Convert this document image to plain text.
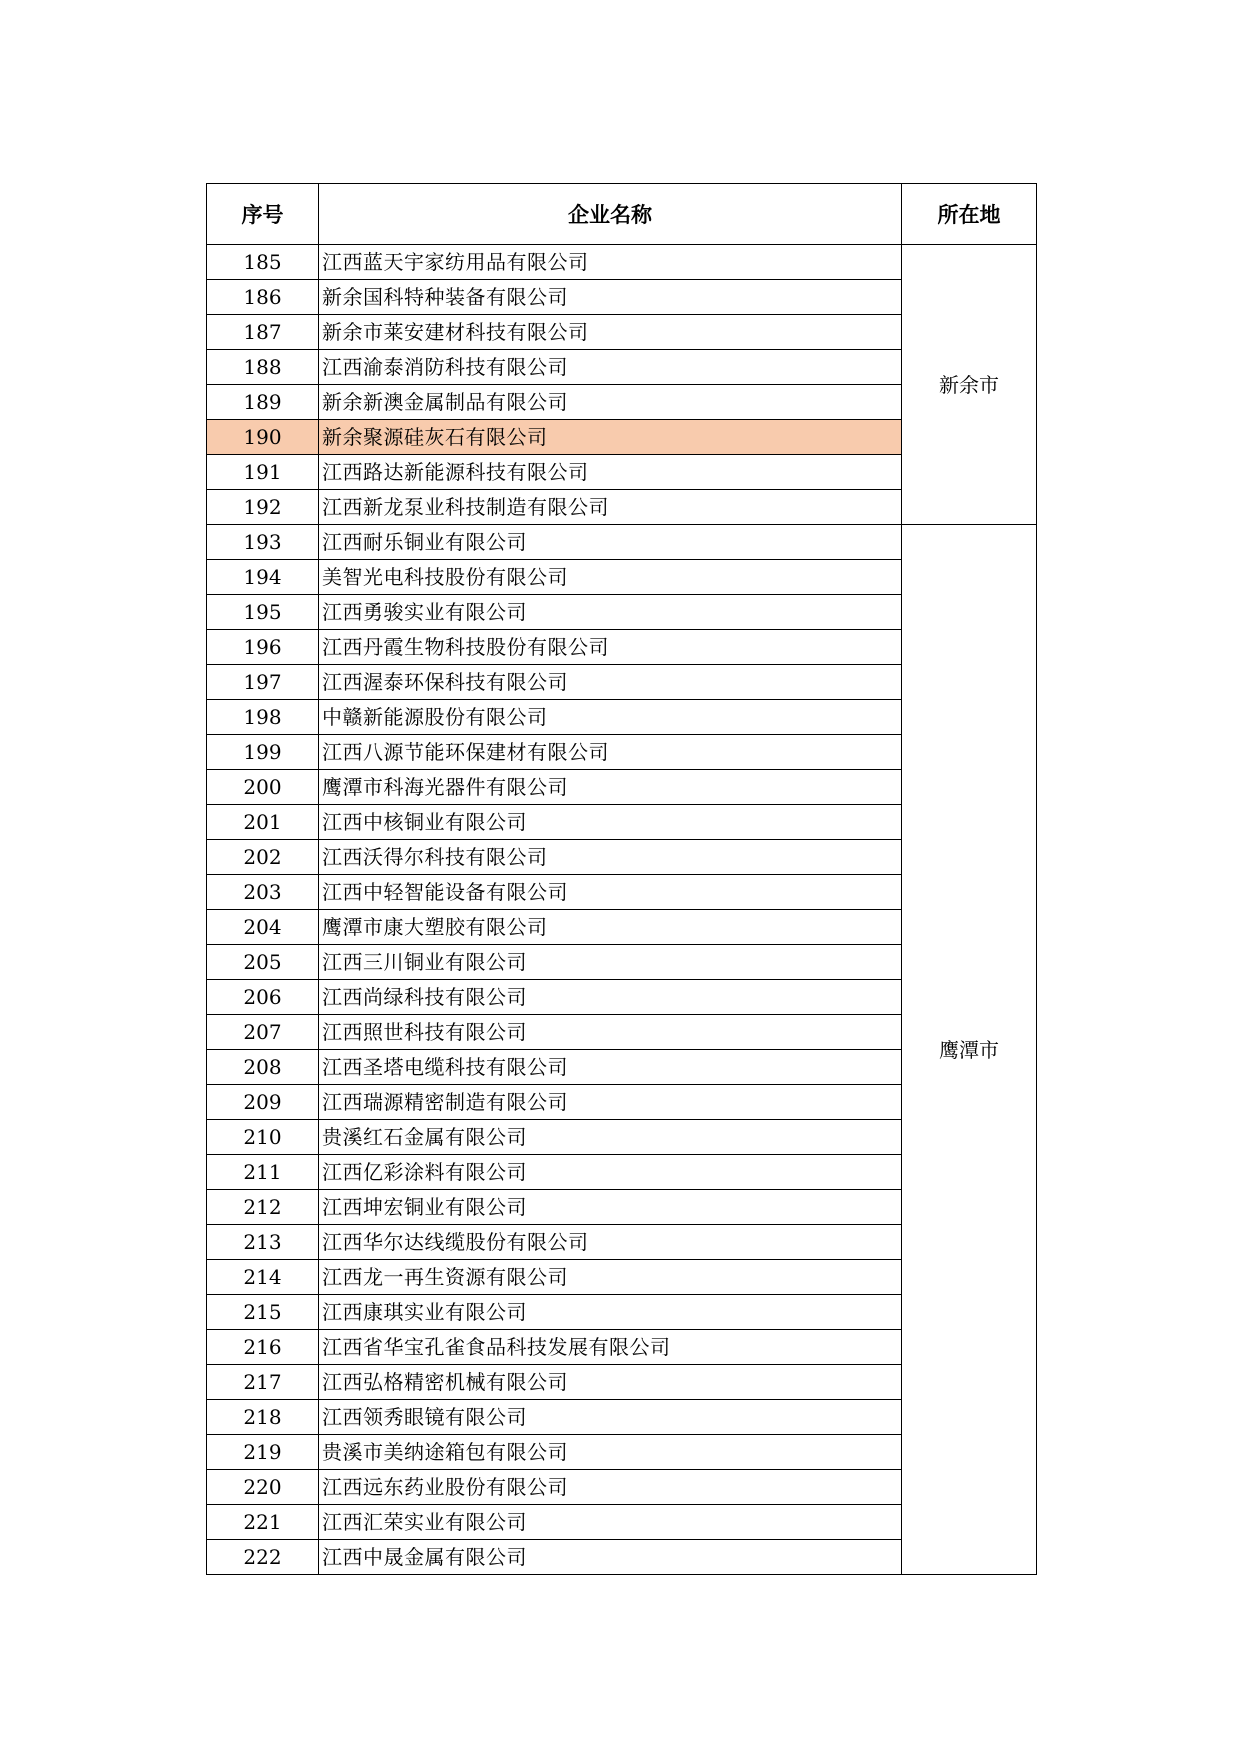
序号	企业名称	所在地
185	江西蓝天宇家纺用品有限公司	新余市
186	新余国科特种装备有限公司	
187	新余市莱安建材科技有限公司	
188	江西渝泰消防科技有限公司	
189	新余新澳金属制品有限公司	
190	新余聚源硅灰石有限公司	
191	江西路达新能源科技有限公司	
192	江西新龙泵业科技制造有限公司	
193	江西耐乐铜业有限公司	鹰潭市
194	美智光电科技股份有限公司	
195	江西勇骏实业有限公司	
196	江西丹霞生物科技股份有限公司	
197	江西渥泰环保科技有限公司	
198	中赣新能源股份有限公司	
199	江西八源节能环保建材有限公司	
200	鹰潭市科海光器件有限公司	
201	江西中核铜业有限公司	
202	江西沃得尔科技有限公司	
203	江西中轻智能设备有限公司	
204	鹰潭市康大塑胶有限公司	
205	江西三川铜业有限公司	
206	江西尚绿科技有限公司	
207	江西照世科技有限公司	
208	江西圣塔电缆科技有限公司	
209	江西瑞源精密制造有限公司	
210	贵溪红石金属有限公司	
211	江西亿彩涂料有限公司	
212	江西坤宏铜业有限公司	
213	江西华尔达线缆股份有限公司	
214	江西龙一再生资源有限公司	
215	江西康琪实业有限公司	
216	江西省华宝孔雀食品科技发展有限公司	
217	江西弘格精密机械有限公司	
218	江西领秀眼镜有限公司	
219	贵溪市美纳途箱包有限公司	
220	江西远东药业股份有限公司	
221	江西汇荣实业有限公司	
222	江西中晟金属有限公司	
